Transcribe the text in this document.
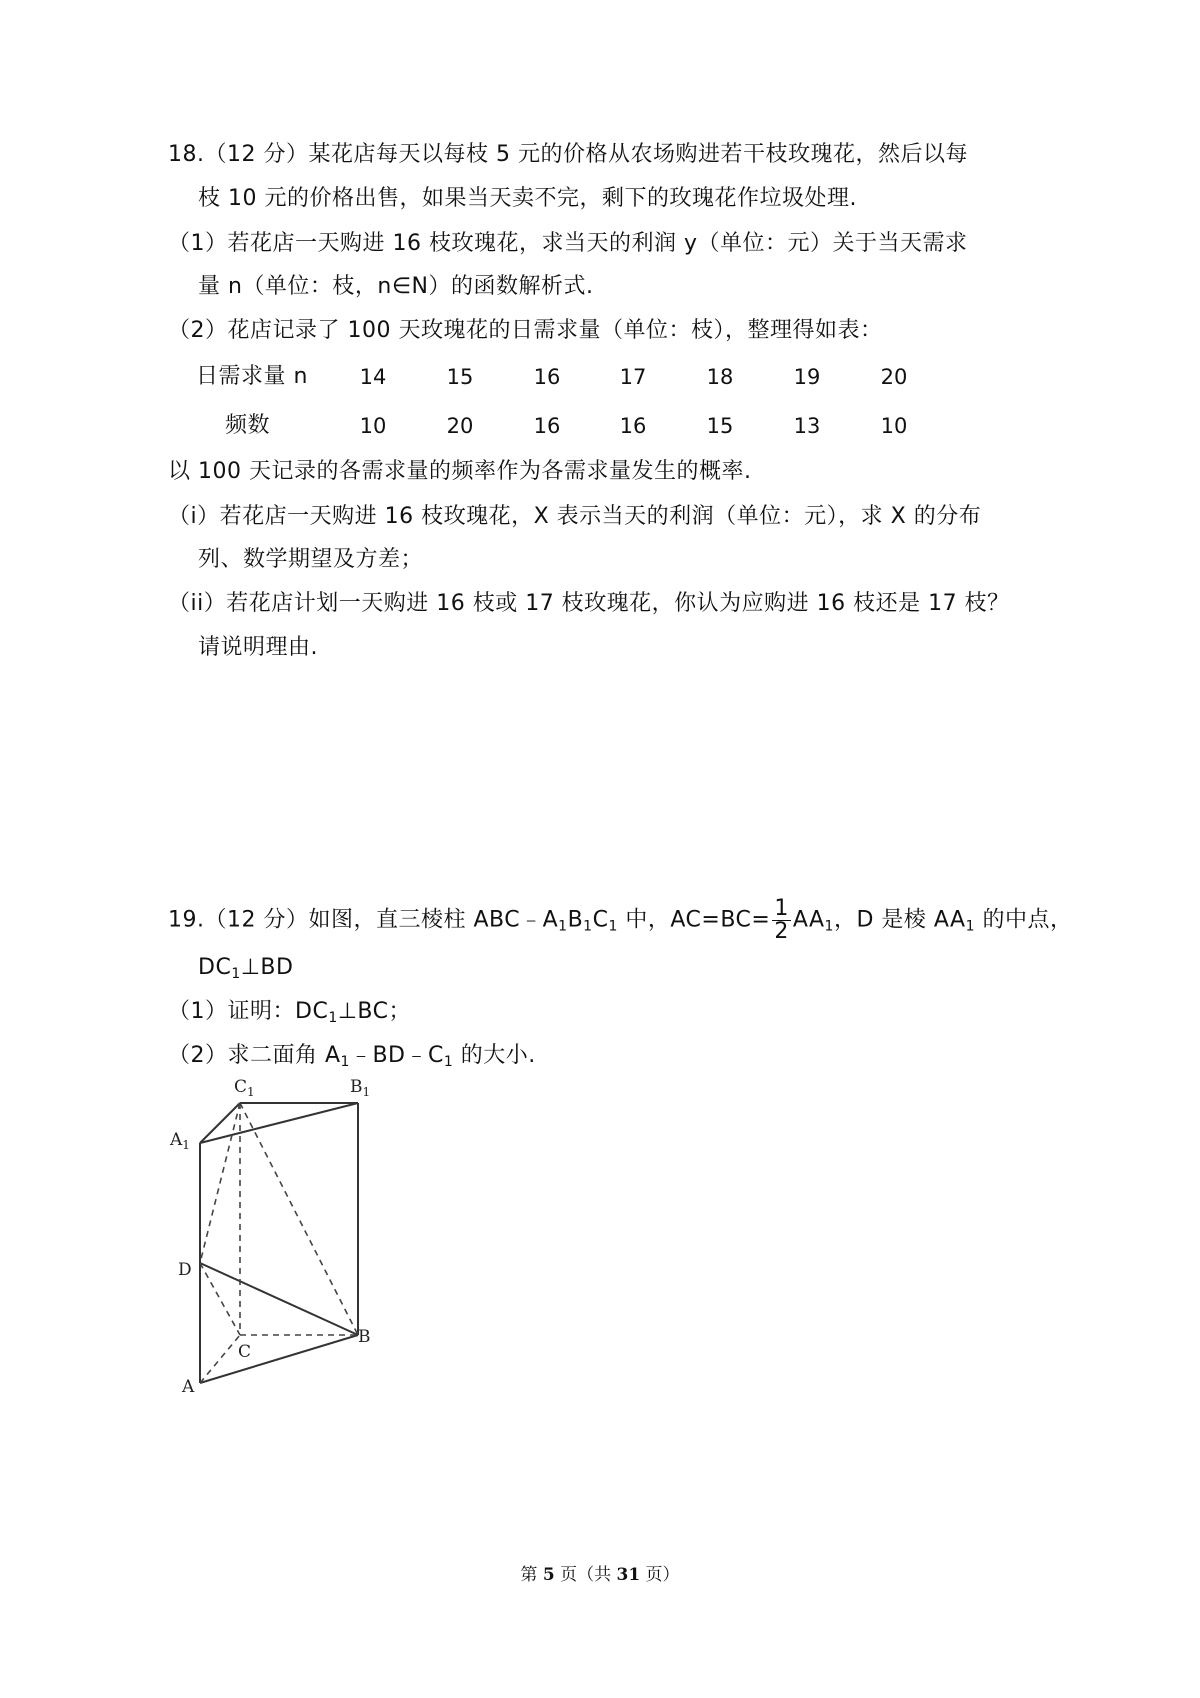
18.（12 分）某花店每天以每枝 5 元的价格从农场购进若干枝玫瑰花，然后以每
枝 10 元的价格出售，如果当天卖不完，剩下的玫瑰花作垃圾处理.
（1）若花店一天购进 16 枝玫瑰花，求当天的利润 y（单位：元）关于当天需求
量 n（单位：枝，n∈N）的函数解析式.
（2）花店记录了 100 天玫瑰花的日需求量（单位：枝），整理得如表：
日需求量 n	14	15	16	17	18	19	20
频数	10	20	16	16	15	13	10
以 100 天记录的各需求量的频率作为各需求量发生的概率.
（i）若花店一天购进 16 枝玫瑰花，X 表示当天的利润（单位：元），求 X 的分布
列、数学期望及方差；
（ii）若花店计划一天购进 16 枝或 17 枝玫瑰花，你认为应购进 16 枝还是 17 枝？
请说明理由.
19.（12 分）如图，直三棱柱 $ABC﹣A_1B_1C_1$ 中，$AC=BC= \frac{1}{2} AA_1$，D 是棱 $AA_1$ 的中点，
$DC_1\perp BD$
（1）证明：$DC_1\perp BC$；
（2）求二面角 $A_1﹣BD﹣C_1$ 的大小.
$C_1$	$B_1$
$A_1$
D
C
B
A
第 5 页（共 31 页）
